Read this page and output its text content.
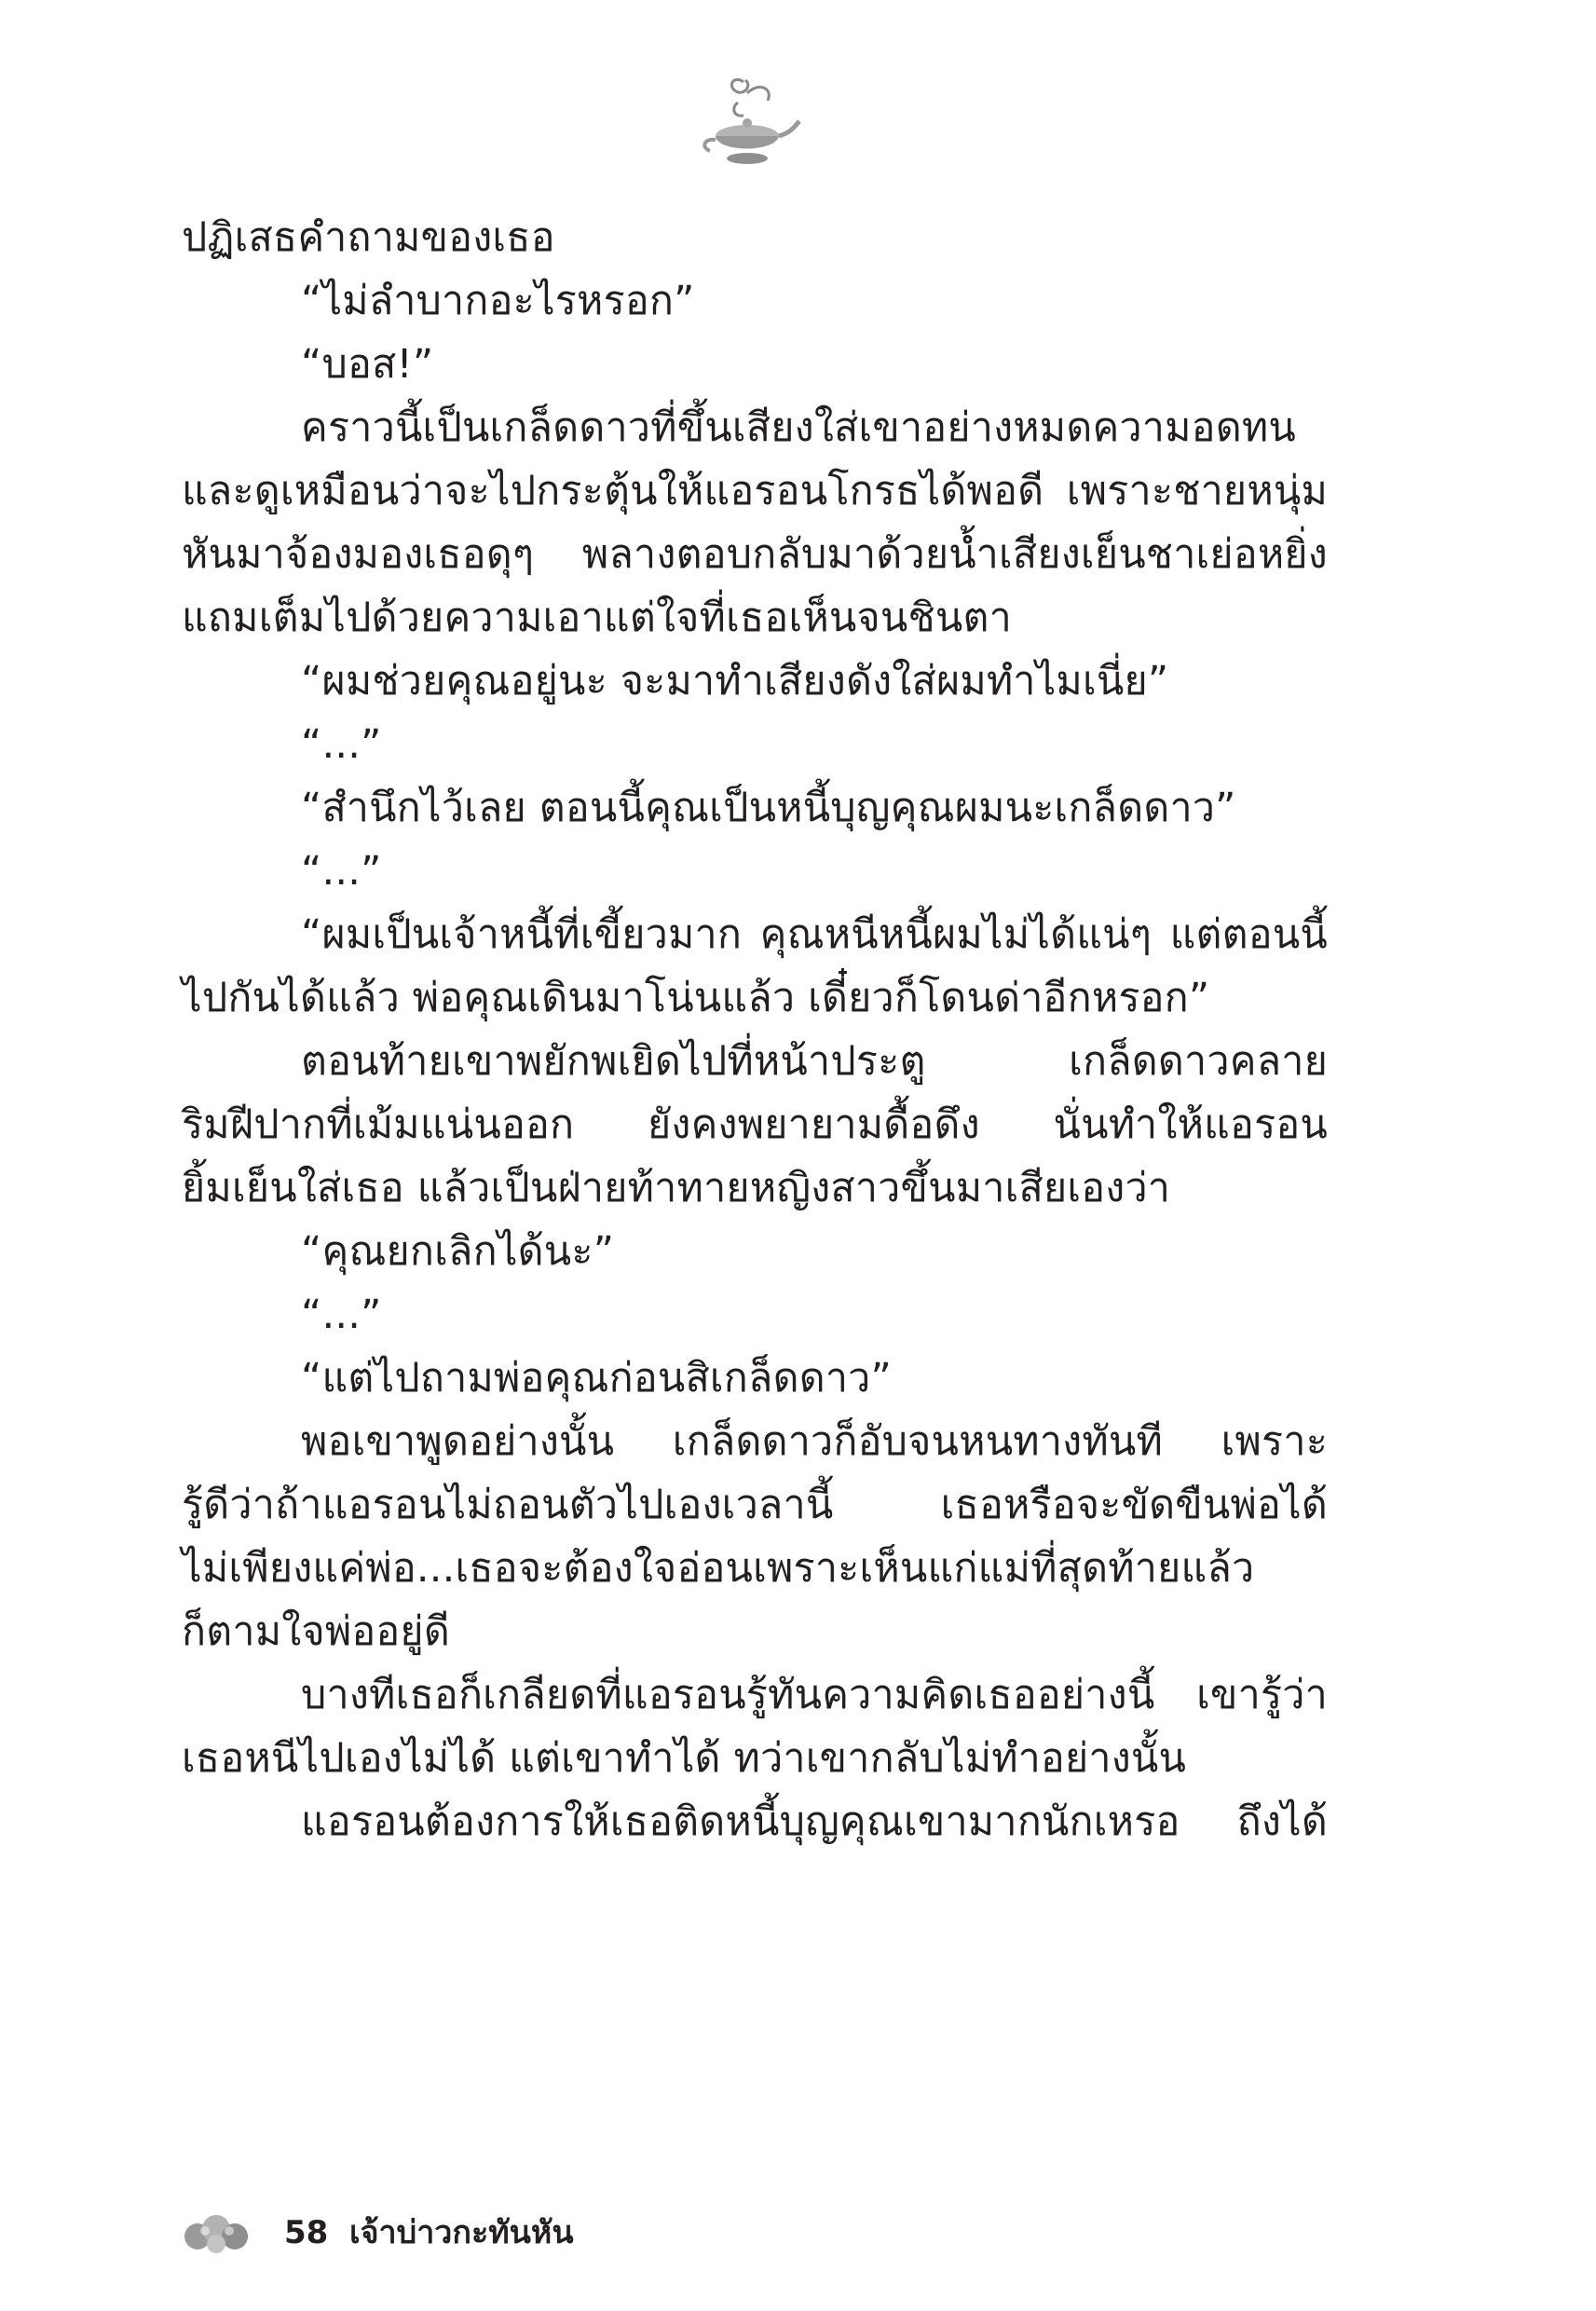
ปฏิเสธคำถามของเธอ
“ไม่ลำบากอะไรหรอก”
“บอส!”
คราวนี้เป็นเกล็ดดาวที่ขึ้นเสียงใส่เขาอย่างหมดความอดทน
และดูเหมือนว่าจะไปกระตุ้นให้แอรอนโกรธได้พอดี เพราะชายหนุ่ม
หันมาจ้องมองเธอดุๆ พลางตอบกลับมาด้วยน้ำเสียงเย็นชาเย่อหยิ่ง
แถมเต็มไปด้วยความเอาแต่ใจที่เธอเห็นจนชินตา
“ผมช่วยคุณอยู่นะ จะมาทำเสียงดังใส่ผมทำไมเนี่ย”
“...”
“สำนึกไว้เลย ตอนนี้คุณเป็นหนี้บุญคุณผมนะเกล็ดดาว”
“...”
“ผมเป็นเจ้าหนี้ที่เขี้ยวมาก คุณหนีหนี้ผมไม่ได้แน่ๆ แต่ตอนนี้
ไปกันได้แล้ว พ่อคุณเดินมาโน่นแล้ว เดี๋ยวก็โดนด่าอีกหรอก”
ตอนท้ายเขาพยักพเยิดไปที่หน้าประตู เกล็ดดาวคลาย
ริมฝีปากที่เม้มแน่นออก ยังคงพยายามดื้อดึง นั่นทำให้แอรอน
ยิ้มเย็นใส่เธอ แล้วเป็นฝ่ายท้าทายหญิงสาวขึ้นมาเสียเองว่า
“คุณยกเลิกได้นะ”
“...”
“แต่ไปถามพ่อคุณก่อนสิเกล็ดดาว”
พอเขาพูดอย่างนั้น เกล็ดดาวก็อับจนหนทางทันที เพราะ
รู้ดีว่าถ้าแอรอนไม่ถอนตัวไปเองเวลานี้ เธอหรือจะขัดขืนพ่อได้
ไม่เพียงแค่พ่อ...เธอจะต้องใจอ่อนเพราะเห็นแก่แม่ที่สุดท้ายแล้ว
ก็ตามใจพ่ออยู่ดี
บางทีเธอก็เกลียดที่แอรอนรู้ทันความคิดเธออย่างนี้ เขารู้ว่า
เธอหนีไปเองไม่ได้ แต่เขาทำได้ ทว่าเขากลับไม่ทำอย่างนั้น
แอรอนต้องการให้เธอติดหนี้บุญคุณเขามากนักเหรอ ถึงได้
58 เจ้าบ่าวกะทันหัน
